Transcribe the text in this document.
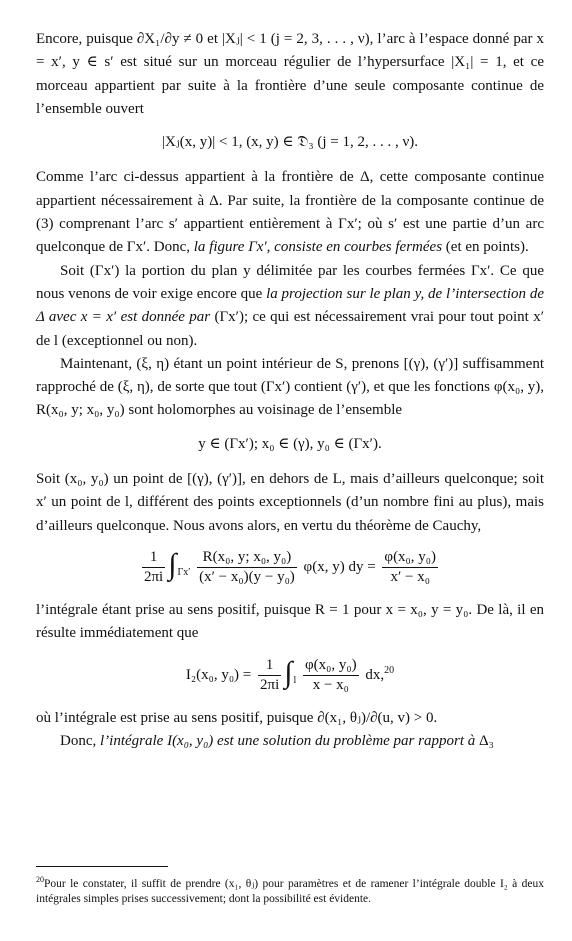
Encore, puisque ∂X₁/∂y ≠ 0 et |Xⱼ| < 1 (j = 2, 3, . . . , ν), l’arc à l’espace donné par x = x′, y ∈ s′ est situé sur un morceau régulier de l’hypersurface |X₁| = 1, et ce morceau appartient par suite à la frontière d’une seule composante continue de l’ensemble ouvert

|Xⱼ(x, y)| < 1, (x, y) ∈ 𝔇₃ (j = 1, 2, . . . , ν).

Comme l’arc ci-dessus appartient à la frontière de Δ, cette composante continue appartient nécessairement à Δ. Par suite, la frontière de la composante continue de (3) comprenant l’arc s′ appartient entièrement à Γx′; où s′ est une partie d’un arc quelconque de Γx′. Donc, la figure Γx′, consiste en courbes fermées (et en points).

Soit (Γx′) la portion du plan y délimitée par les courbes fermées Γx′. Ce que nous venons de voir exige encore que la projection sur le plan y, de l’intersection de Δ avec x = x′ est donnée par (Γx′); ce qui est nécessairement vrai pour tout point x′ de l (exceptionnel ou non).

Maintenant, (ξ, η) étant un point intérieur de S, prenons [(γ), (γ′)] suffisamment rapproché de (ξ, η), de sorte que tout (Γx′) contient (γ′), et que les fonctions φ(x₀, y), R(x₀, y; x₀, y₀) sont holomorphes au voisinage de l’ensemble

y ∈ (Γx′); x₀ ∈ (γ), y₀ ∈ (Γx′).

Soit (x₀, y₀) un point de [(γ), (γ′)], en dehors de L, mais d’ailleurs quelconque; soit x′ un point de l, différent des points exceptionnels (d’un nombre fini au plus), mais d’ailleurs quelconque. Nous avons alors, en vertu du théorème de Cauchy,

$\frac{1}{2\pi i} \int_{\Gamma x'} \frac{\text{R(x₀, y; x₀, y₀)}}{\text{(x′ − x₀)(y − y₀)}} \varphi(x$, y) dy = $\frac{\text{φ(x₀, y₀)}}{\text{x′ − x₀}}$

l’intégrale étant prise au sens positif, puisque R = 1 pour x = x₀, y = y₀. De là, il en résulte immédiatement que

I₂(x₀, $y_0) = \frac{1}{2\pi i} \int_l \frac{\text{φ(x₀, y₀)}}{\text{x − x₀}} dx,^{20}$

où l’intégrale est prise au sens positif, puisque ∂(x₁, θⱼ)/∂(u, v) > 0.

Donc, l’intégrale I(x₀, y₀) est une solution du problème par rapport à Δ₃

$^{20}$Pour le constater, il suffit de prendre (x₁, θⱼ) pour paramètres et de ramener l’intégrale double I₂ à deux intégrales simples prises successivement; dont la possibilité est évidente.
